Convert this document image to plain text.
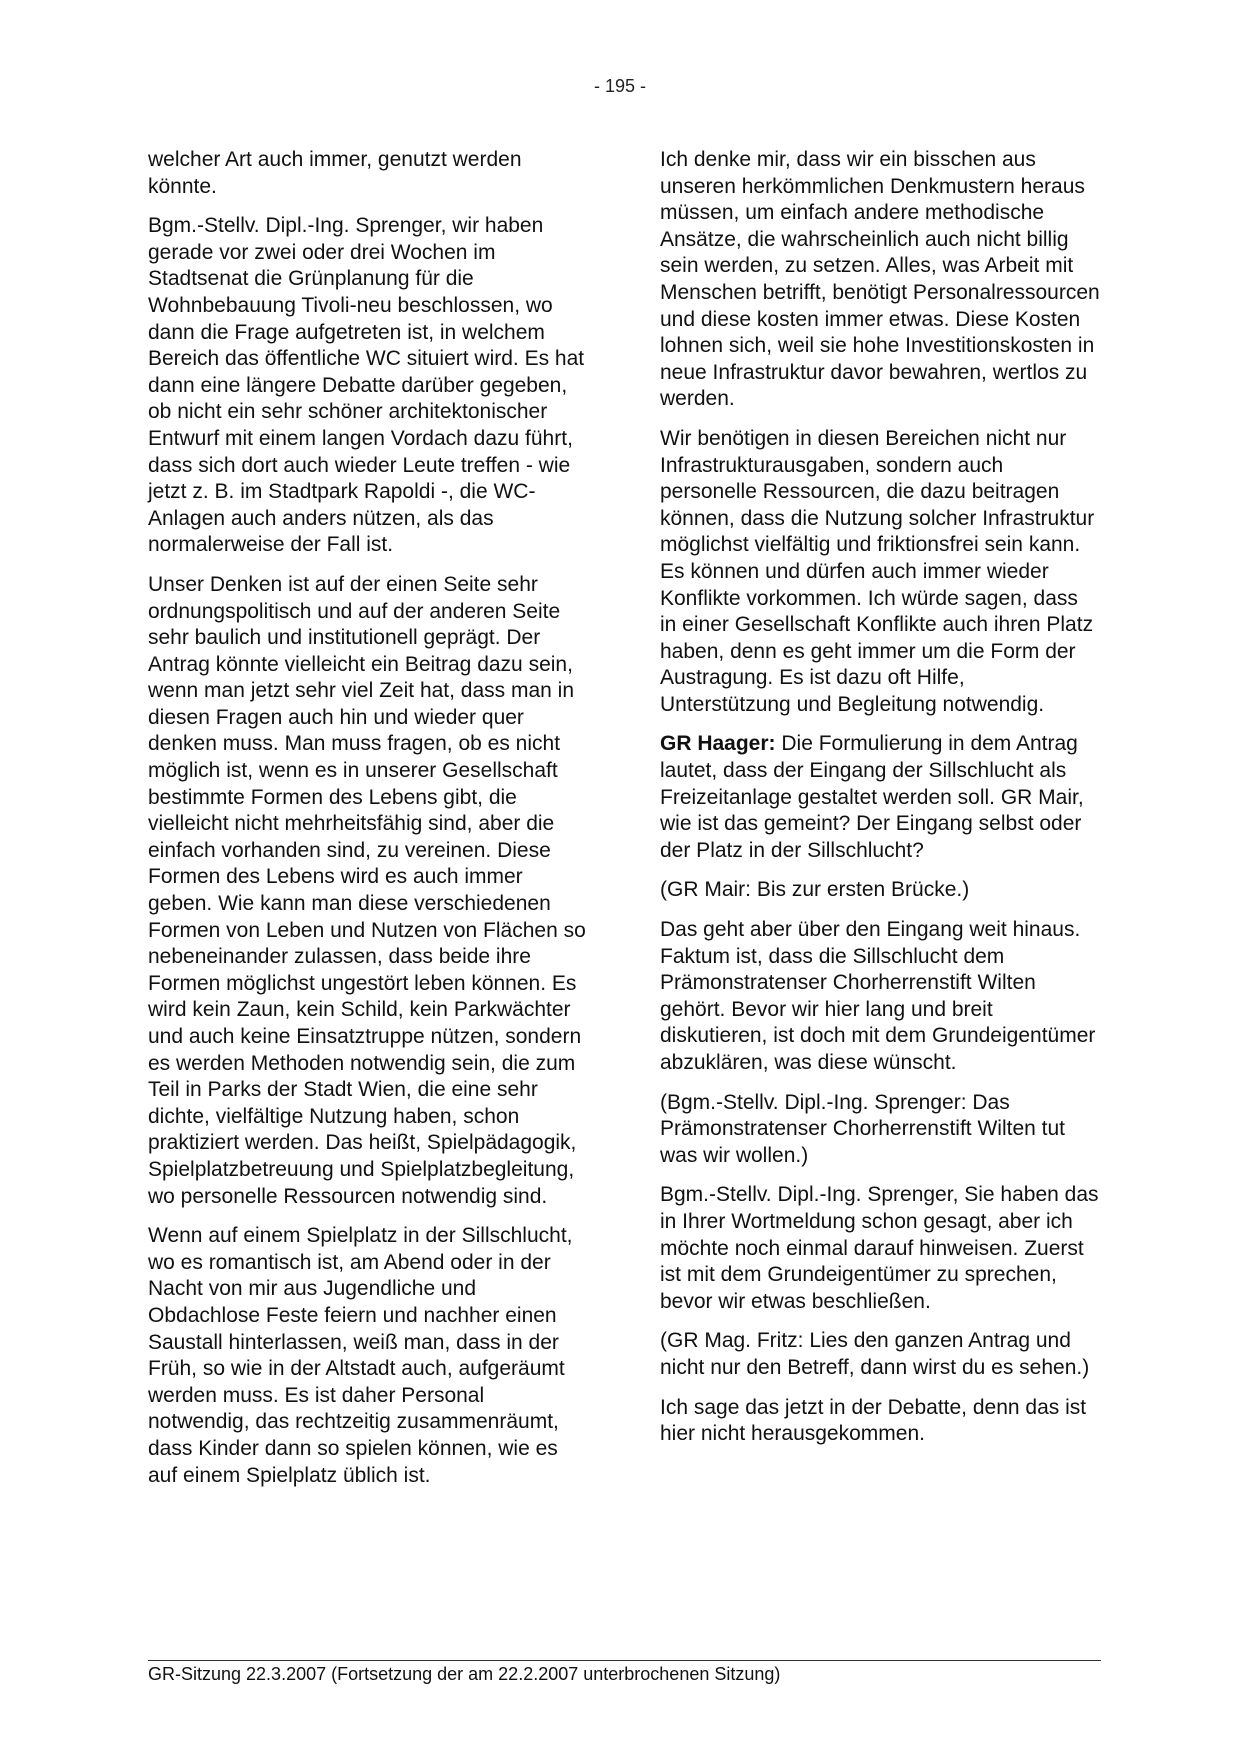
- 195 -

welcher Art auch immer, genutzt werden könnte.

Bgm.-Stellv. Dipl.-Ing. Sprenger, wir haben gerade vor zwei oder drei Wochen im Stadtsenat die Grünplanung für die Wohnbebauung Tivoli-neu beschlossen, wo dann die Frage aufgetreten ist, in welchem Bereich das öffentliche WC situiert wird. Es hat dann eine längere Debatte darüber gegeben, ob nicht ein sehr schöner architektonischer Entwurf mit einem langen Vordach dazu führt, dass sich dort auch wieder Leute treffen - wie jetzt z. B. im Stadtpark Rapoldi -, die WC-Anlagen auch anders nützen, als das normalerweise der Fall ist.

Unser Denken ist auf der einen Seite sehr ordnungspolitisch und auf der anderen Seite sehr baulich und institutionell geprägt. Der Antrag könnte vielleicht ein Beitrag dazu sein, wenn man jetzt sehr viel Zeit hat, dass man in diesen Fragen auch hin und wieder quer denken muss. Man muss fragen, ob es nicht möglich ist, wenn es in unserer Gesellschaft bestimmte Formen des Lebens gibt, die vielleicht nicht mehrheitsfähig sind, aber die einfach vorhanden sind, zu vereinen. Diese Formen des Lebens wird es auch immer geben. Wie kann man diese verschiedenen Formen von Leben und Nutzen von Flächen so nebeneinander zulassen, dass beide ihre Formen möglichst ungestört leben können. Es wird kein Zaun, kein Schild, kein Parkwächter und auch keine Einsatztruppe nützen, sondern es werden Methoden notwendig sein, die zum Teil in Parks der Stadt Wien, die eine sehr dichte, vielfältige Nutzung haben, schon praktiziert werden. Das heißt, Spielpädagogik, Spielplatzbetreuung und Spielplatzbegleitung, wo personelle Ressourcen notwendig sind.

Wenn auf einem Spielplatz in der Sillschlucht, wo es romantisch ist, am Abend oder in der Nacht von mir aus Jugendliche und Obdachlose Feste feiern und nachher einen Saustall hinterlassen, weiß man, dass in der Früh, so wie in der Altstadt auch, aufgeräumt werden muss. Es ist daher Personal notwendig, das rechtzeitig zusammenräumt, dass Kinder dann so spielen können, wie es auf einem Spielplatz üblich ist.

Ich denke mir, dass wir ein bisschen aus unseren herkömmlichen Denkmustern heraus müssen, um einfach andere methodische Ansätze, die wahrscheinlich auch nicht billig sein werden, zu setzen. Alles, was Arbeit mit Menschen betrifft, benötigt Personalressourcen und diese kosten immer etwas. Diese Kosten lohnen sich, weil sie hohe Investitionskosten in neue Infrastruktur davor bewahren, wertlos zu werden.

Wir benötigen in diesen Bereichen nicht nur Infrastrukturausgaben, sondern auch personelle Ressourcen, die dazu beitragen können, dass die Nutzung solcher Infrastruktur möglichst vielfältig und friktionsfrei sein kann. Es können und dürfen auch immer wieder Konflikte vorkommen. Ich würde sagen, dass in einer Gesellschaft Konflikte auch ihren Platz haben, denn es geht immer um die Form der Austragung. Es ist dazu oft Hilfe, Unterstützung und Begleitung notwendig.

GR Haager: Die Formulierung in dem Antrag lautet, dass der Eingang der Sillschlucht als Freizeitanlage gestaltet werden soll. GR Mair, wie ist das gemeint? Der Eingang selbst oder der Platz in der Sillschlucht?

(GR Mair: Bis zur ersten Brücke.)

Das geht aber über den Eingang weit hinaus. Faktum ist, dass die Sillschlucht dem Prämonstratenser Chorherrenstift Wilten gehört. Bevor wir hier lang und breit diskutieren, ist doch mit dem Grundeigentümer abzuklären, was diese wünscht.

(Bgm.-Stellv. Dipl.-Ing. Sprenger: Das Prämonstratenser Chorherrenstift Wilten tut was wir wollen.)

Bgm.-Stellv. Dipl.-Ing. Sprenger, Sie haben das in Ihrer Wortmeldung schon gesagt, aber ich möchte noch einmal darauf hinweisen. Zuerst ist mit dem Grundeigentümer zu sprechen, bevor wir etwas beschließen.

(GR Mag. Fritz: Lies den ganzen Antrag und nicht nur den Betreff, dann wirst du es sehen.)

Ich sage das jetzt in der Debatte, denn das ist hier nicht herausgekommen.

GR-Sitzung 22.3.2007 (Fortsetzung der am 22.2.2007 unterbrochenen Sitzung)
